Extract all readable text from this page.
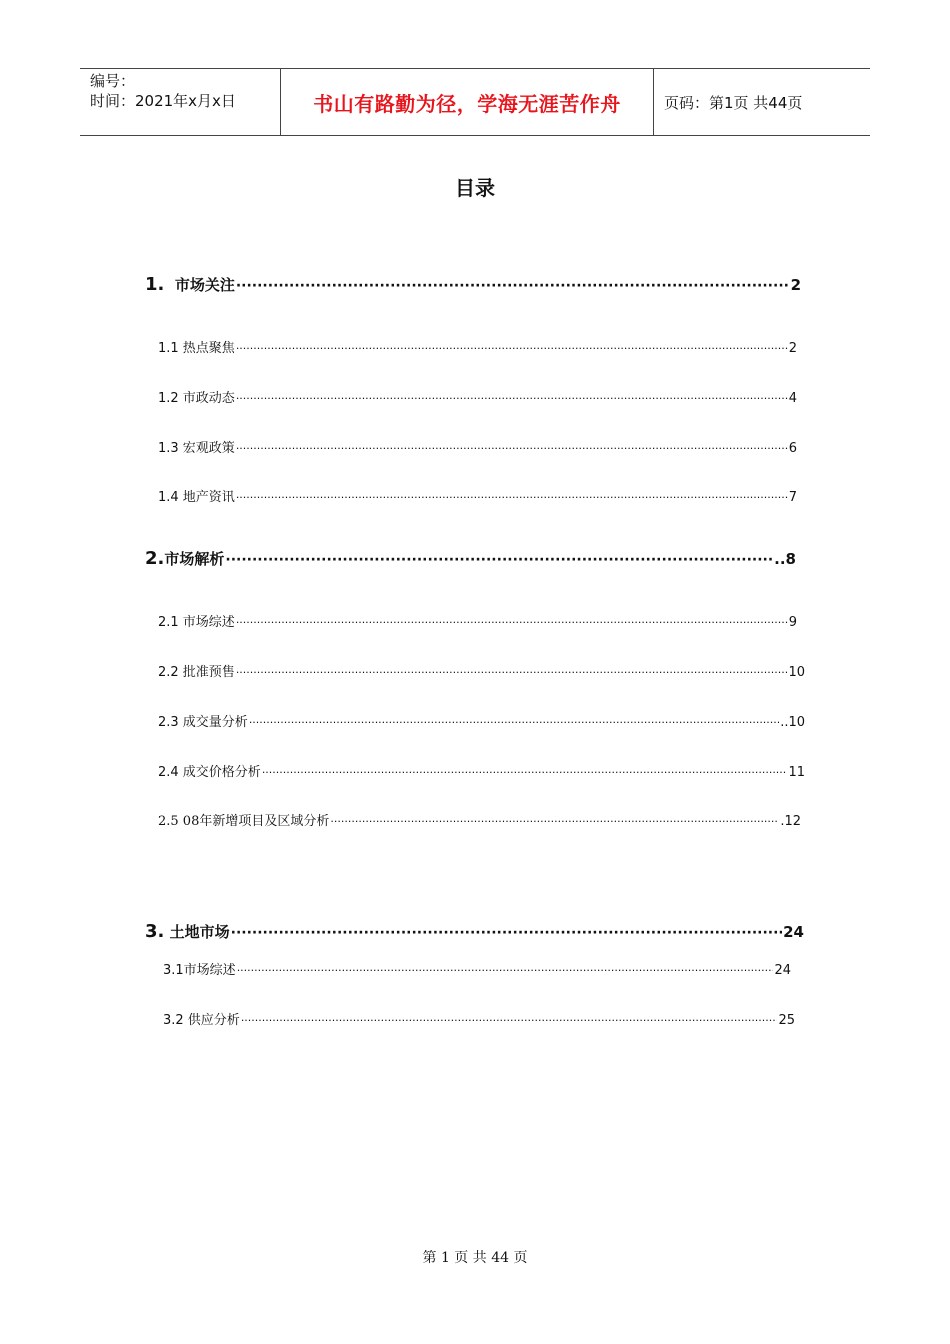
编号：
时间：2021年x月x日	书山有路勤为径，学海无涯苦作舟	页码：第1页 共44页
目录
1. 市场关注 ·····	2
1.1 热点聚焦 ·····	2
1.2 市政动态 ·····	4
1.3 宏观政策 ·····	6
1.4 地产资讯 ·····	7
2.市场解析 ·····	..8
2.1 市场综述 ·····	9
2.2 批准预售 ·····	10
2.3 成交量分析 ·····	..10
2.4 成交价格分析 ·····	11
2.5 08年新增项目及区域分析 ·····	.12
3. 土地市场 ·····	24
3.1市场综述 ·····	24
3.2 供应分析 ·····	25
第 1 页 共 44 页
